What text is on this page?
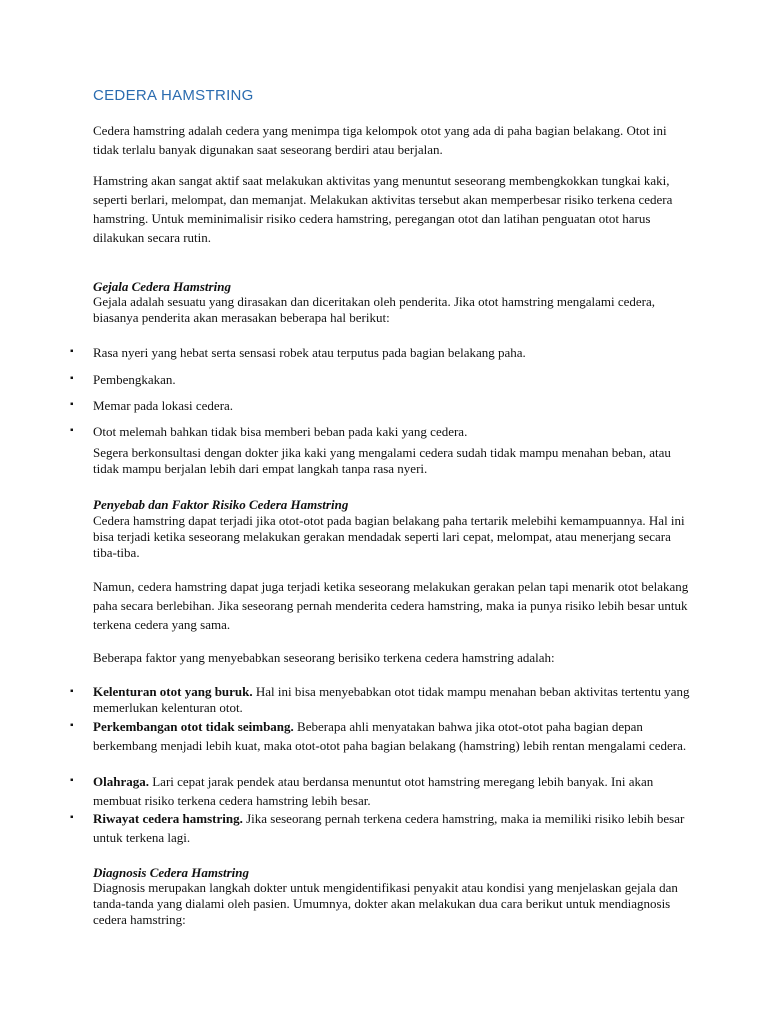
CEDERA HAMSTRING

Cedera hamstring adalah cedera yang menimpa tiga kelompok otot yang ada di paha bagian belakang. Otot ini tidak terlalu banyak digunakan saat seseorang berdiri atau berjalan.

Hamstring akan sangat aktif saat melakukan aktivitas yang menuntut seseorang membengkokkan tungkai kaki, seperti berlari, melompat, dan memanjat. Melakukan aktivitas tersebut akan memperbesar risiko terkena cedera hamstring. Untuk meminimalisir risiko cedera hamstring, peregangan otot dan latihan penguatan otot harus dilakukan secara rutin.

Gejala Cedera Hamstring

Gejala adalah sesuatu yang dirasakan dan diceritakan oleh penderita. Jika otot hamstring mengalami cedera, biasanya penderita akan merasakan beberapa hal berikut:

▪ Rasa nyeri yang hebat serta sensasi robek atau terputus pada bagian belakang paha.

▪ Pembengkakan.

▪ Memar pada lokasi cedera.

▪ Otot melemah bahkan tidak bisa memberi beban pada kaki yang cedera.

Segera berkonsultasi dengan dokter jika kaki yang mengalami cedera sudah tidak mampu menahan beban, atau tidak mampu berjalan lebih dari empat langkah tanpa rasa nyeri.

Penyebab dan Faktor Risiko Cedera Hamstring

Cedera hamstring dapat terjadi jika otot-otot pada bagian belakang paha tertarik melebihi kemampuannya. Hal ini bisa terjadi ketika seseorang melakukan gerakan mendadak seperti lari cepat, melompat, atau menerjang secara tiba-tiba.

Namun, cedera hamstring dapat juga terjadi ketika seseorang melakukan gerakan pelan tapi menarik otot belakang paha secara berlebihan. Jika seseorang pernah menderita cedera hamstring, maka ia punya risiko lebih besar untuk terkena cedera yang sama.

Beberapa faktor yang menyebabkan seseorang berisiko terkena cedera hamstring adalah:

▪ Kelenturan otot yang buruk. Hal ini bisa menyebabkan otot tidak mampu menahan beban aktivitas tertentu yang memerlukan kelenturan otot.

▪ Perkembangan otot tidak seimbang. Beberapa ahli menyatakan bahwa jika otot-otot paha bagian depan berkembang menjadi lebih kuat, maka otot-otot paha bagian belakang (hamstring) lebih rentan mengalami cedera.

▪ Olahraga. Lari cepat jarak pendek atau berdansa menuntut otot hamstring meregang lebih banyak. Ini akan membuat risiko terkena cedera hamstring lebih besar.

▪ Riwayat cedera hamstring. Jika seseorang pernah terkena cedera hamstring, maka ia memiliki risiko lebih besar untuk terkena lagi.

Diagnosis Cedera Hamstring

Diagnosis merupakan langkah dokter untuk mengidentifikasi penyakit atau kondisi yang menjelaskan gejala dan tanda-tanda yang dialami oleh pasien. Umumnya, dokter akan melakukan dua cara berikut untuk mendiagnosis cedera hamstring:
